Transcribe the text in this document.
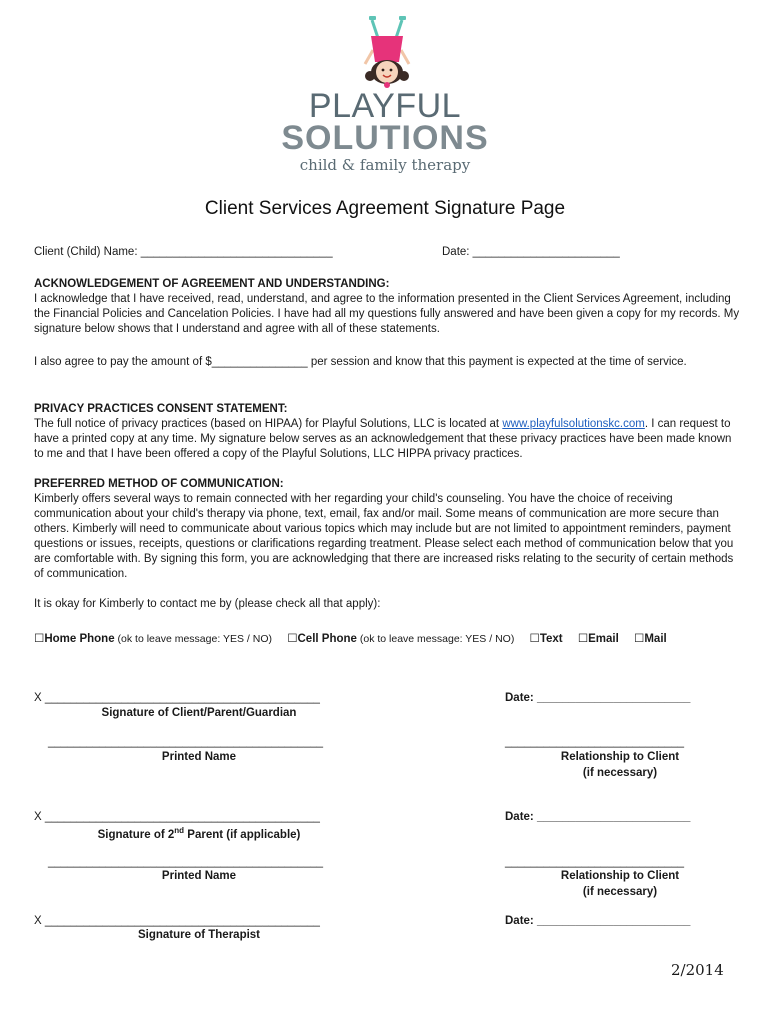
PLAYFUL
SOLUTIONS
child & family therapy
Client Services Agreement Signature Page
Client (Child) Name: ______________________________	Date: _______________________
ACKNOWLEDGEMENT OF AGREEMENT AND UNDERSTANDING:
I acknowledge that I have received, read, understand, and agree to the information presented in the Client Services Agreement, including the Financial Policies and Cancelation Policies. I have had all my questions fully answered and have been given a copy for my records. My signature below shows that I understand and agree with all of these statements.
I also agree to pay the amount of $_______________ per session and know that this payment is expected at the time of service.
PRIVACY PRACTICES CONSENT STATEMENT:
The full notice of privacy practices (based on HIPAA) for Playful Solutions, LLC is located at www.playfulsolutionskc.com. I can request to have a printed copy at any time. My signature below serves as an acknowledgement that these privacy practices have been made known to me and that I have been offered a copy of the Playful Solutions, LLC HIPPA privacy practices.
PREFERRED METHOD OF COMMUNICATION:
Kimberly offers several ways to remain connected with her regarding your child's counseling. You have the choice of receiving communication about your child's therapy via phone, text, email, fax and/or mail. Some means of communication are more secure than others. Kimberly will need to communicate about various topics which may include but are not limited to appointment reminders, payment questions or issues, receipts, questions or clarifications regarding treatment. Please select each method of communication below that you are comfortable with. By signing this form, you are acknowledging that there are increased risks relating to the security of certain methods of communication.
It is okay for Kimberly to contact me by (please check all that apply):
☐Home Phone (ok to leave message: YES / NO) ☐Cell Phone (ok to leave message: YES / NO) ☐Text ☐Email ☐Mail
X ___________________________________________
Signature of Client/Parent/Guardian
Date: ________________________
___________________________________________
Printed Name
____________________________
Relationship to Client
(if necessary)
X ___________________________________________
Signature of 2nd Parent (if applicable)
Date: ________________________
___________________________________________
Printed Name
____________________________
Relationship to Client
(if necessary)
X ___________________________________________
Signature of Therapist
Date: ________________________
2/2014
